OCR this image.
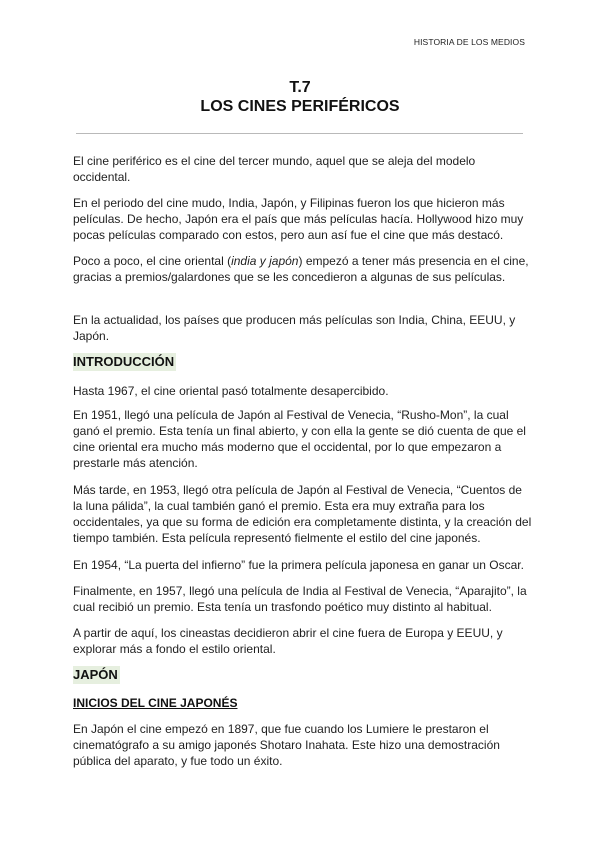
HISTORIA DE LOS MEDIOS
T.7
LOS CINES PERIFÉRICOS

El cine periférico es el cine del tercer mundo, aquel que se aleja del modelo occidental.

En el periodo del cine mudo, India, Japón, y Filipinas fueron los que hicieron más películas. De hecho, Japón era el país que más películas hacía. Hollywood hizo muy pocas películas comparado con estos, pero aun así fue el cine que más destacó.

Poco a poco, el cine oriental (india y japón) empezó a tener más presencia en el cine, gracias a premios/galardones que se les concedieron a algunas de sus películas.

En la actualidad, los países que producen más películas son India, China, EEUU, y Japón.

INTRODUCCIÓN

Hasta 1967, el cine oriental pasó totalmente desapercibido.

En 1951, llegó una película de Japón al Festival de Venecia, “Rusho-Mon”, la cual ganó el premio. Esta tenía un final abierto, y con ella la gente se dió cuenta de que el cine oriental era mucho más moderno que el occidental, por lo que empezaron a prestarle más atención.

Más tarde, en 1953, llegó otra película de Japón al Festival de Venecia, “Cuentos de la luna pálida”, la cual también ganó el premio. Esta era muy extraña para los occidentales, ya que su forma de edición era completamente distinta, y la creación del tiempo también. Esta película representó fielmente el estilo del cine japonés.

En 1954, “La puerta del infierno” fue la primera película japonesa en ganar un Oscar.

Finalmente, en 1957, llegó una película de India al Festival de Venecia, “Aparajito”, la cual recibió un premio. Esta tenía un trasfondo poético muy distinto al habitual.

A partir de aquí, los cineastas decidieron abrir el cine fuera de Europa y EEUU, y explorar más a fondo el estilo oriental.

JAPÓN
INICIOS DEL CINE JAPONÉS

En Japón el cine empezó en 1897, que fue cuando los Lumiere le prestaron el cinematógrafo a su amigo japonés Shotaro Inahata. Este hizo una demostración pública del aparato, y fue todo un éxito.
